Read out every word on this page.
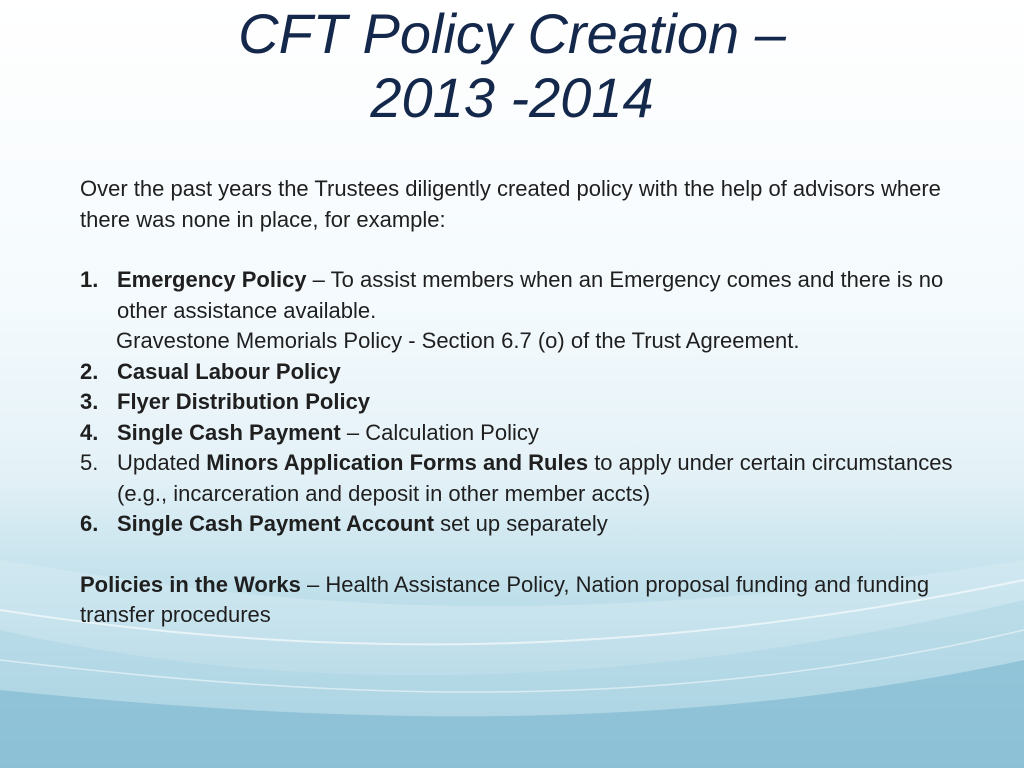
CFT Policy Creation –
2013 -2014

Over the past years the Trustees diligently created policy with the help of advisors where there was none in place, for example:

1. Emergency Policy – To assist members when an Emergency comes and there is no other assistance available.
Gravestone Memorials Policy - Section 6.7 (o) of the Trust Agreement.
2. Casual Labour Policy
3. Flyer Distribution Policy
4. Single Cash Payment – Calculation Policy
5. Updated Minors Application Forms and Rules to apply under certain circumstances (e.g., incarceration and deposit in other member accts)
6. Single Cash Payment Account set up separately

Policies in the Works – Health Assistance Policy, Nation proposal funding and funding transfer procedures
